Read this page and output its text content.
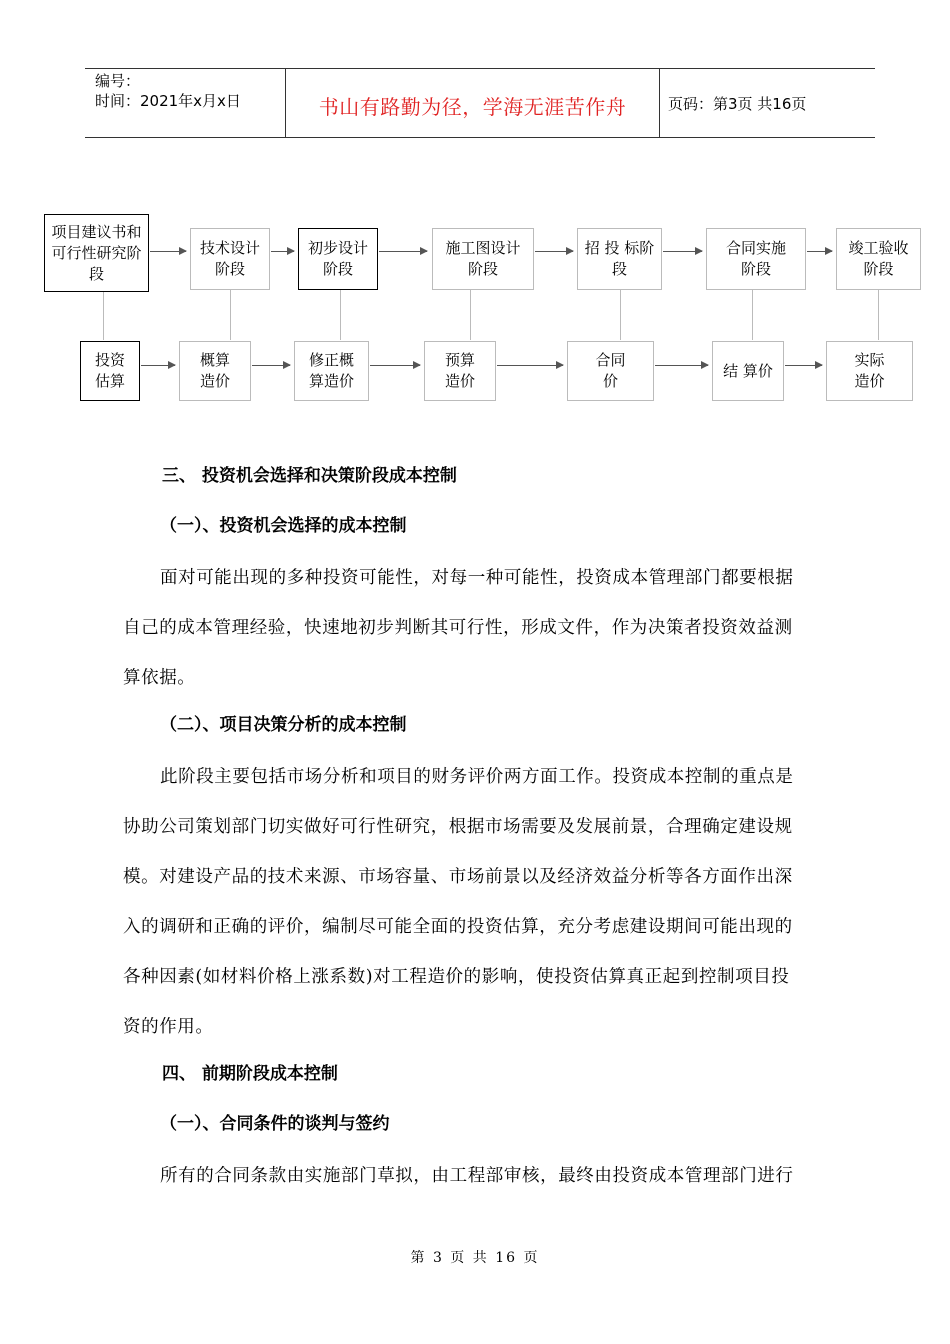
编号：
时间：2021年x月x日	书山有路勤为径，学海无涯苦作舟	页码：第3页 共16页
项目建议书和可行性研究阶段
技术设计阶段
初步设计阶段
施工图设计阶段
招 投 标阶段
合同实施阶段
竣工验收阶段
投资估算
概算造价
修正概算造价
预算造价
合同价
结 算价
实际造价
三、 投资机会选择和决策阶段成本控制
（一）、投资机会选择的成本控制
面对可能出现的多种投资可能性，对每一种可能性，投资成本管理部门都要根据
自己的成本管理经验，快速地初步判断其可行性，形成文件，作为决策者投资效益测
算依据。
（二）、项目决策分析的成本控制
此阶段主要包括市场分析和项目的财务评价两方面工作。投资成本控制的重点是
协助公司策划部门切实做好可行性研究，根据市场需要及发展前景，合理确定建设规
模。对建设产品的技术来源、市场容量、市场前景以及经济效益分析等各方面作出深
入的调研和正确的评价，编制尽可能全面的投资估算，充分考虑建设期间可能出现的
各种因素(如材料价格上涨系数)对工程造价的影响，使投资估算真正起到控制项目投
资的作用。
四、 前期阶段成本控制
（一）、合同条件的谈判与签约
所有的合同条款由实施部门草拟，由工程部审核，最终由投资成本管理部门进行
第 3 页 共 16 页
